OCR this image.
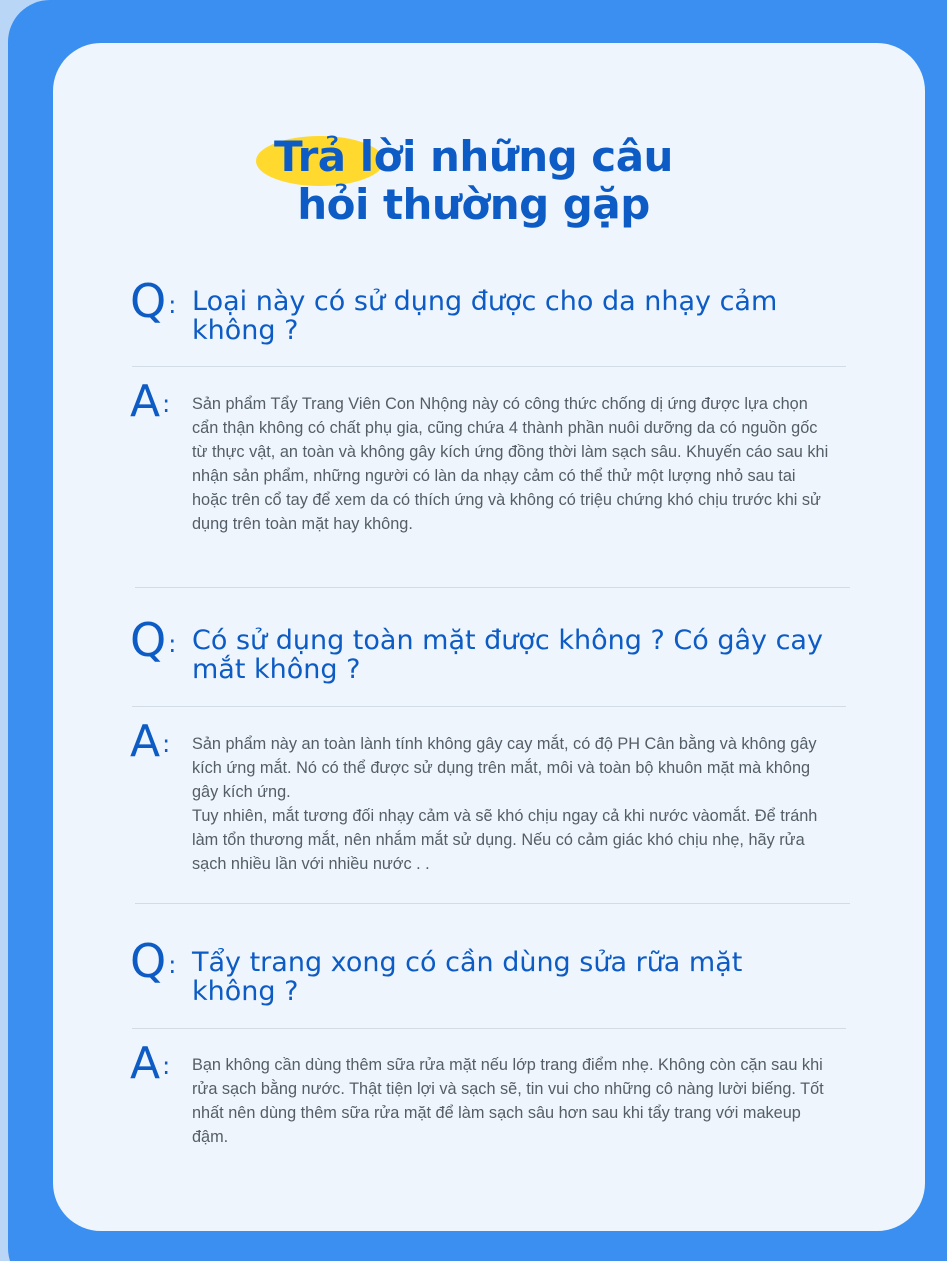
Trả lời những câu
hỏi thường gặp
Q: Loại này có sử dụng được cho da nhạy cảm không ?
A: Sản phẩm Tẩy Trang Viên Con Nhộng này có công thức chống dị ứng được lựa chọn cẩn thận không có chất phụ gia, cũng chứa 4 thành phần nuôi dưỡng da có nguồn gốc từ thực vật, an toàn và không gây kích ứng đồng thời làm sạch sâu. Khuyến cáo sau khi nhận sản phẩm, những người có làn da nhạy cảm có thể thử một lượng nhỏ sau tai hoặc trên cổ tay để xem da có thích ứng và không có triệu chứng khó chịu trước khi sử dụng trên toàn mặt hay không.

Q: Có sử dụng toàn mặt được không ? Có gây cay mắt không ?
A: Sản phẩm này an toàn lành tính không gây cay mắt, có độ PH Cân bằng và không gây kích ứng mắt. Nó có thể được sử dụng trên mắt, môi và toàn bộ khuôn mặt mà không gây kích ứng.

Tuy nhiên, mắt tương đối nhạy cảm và sẽ khó chịu ngay cả khi nước vàomắt. Để tránh làm tổn thương mắt, nên nhắm mắt sử dụng. Nếu có cảm giác khó chịu nhẹ, hãy rửa sạch nhiều lần với nhiều nước . .

Q: Tẩy trang xong có cần dùng sửa rữa mặt không ?
A: Bạn không cần dùng thêm sữa rửa mặt nếu lớp trang điểm nhẹ. Không còn cặn sau khi rửa sạch bằng nước. Thật tiện lợi và sạch sẽ, tin vui cho những cô nàng lười biếng. Tốt nhất nên dùng thêm sữa rửa mặt để làm sạch sâu hơn sau khi tẩy trang với makeup đậm.
